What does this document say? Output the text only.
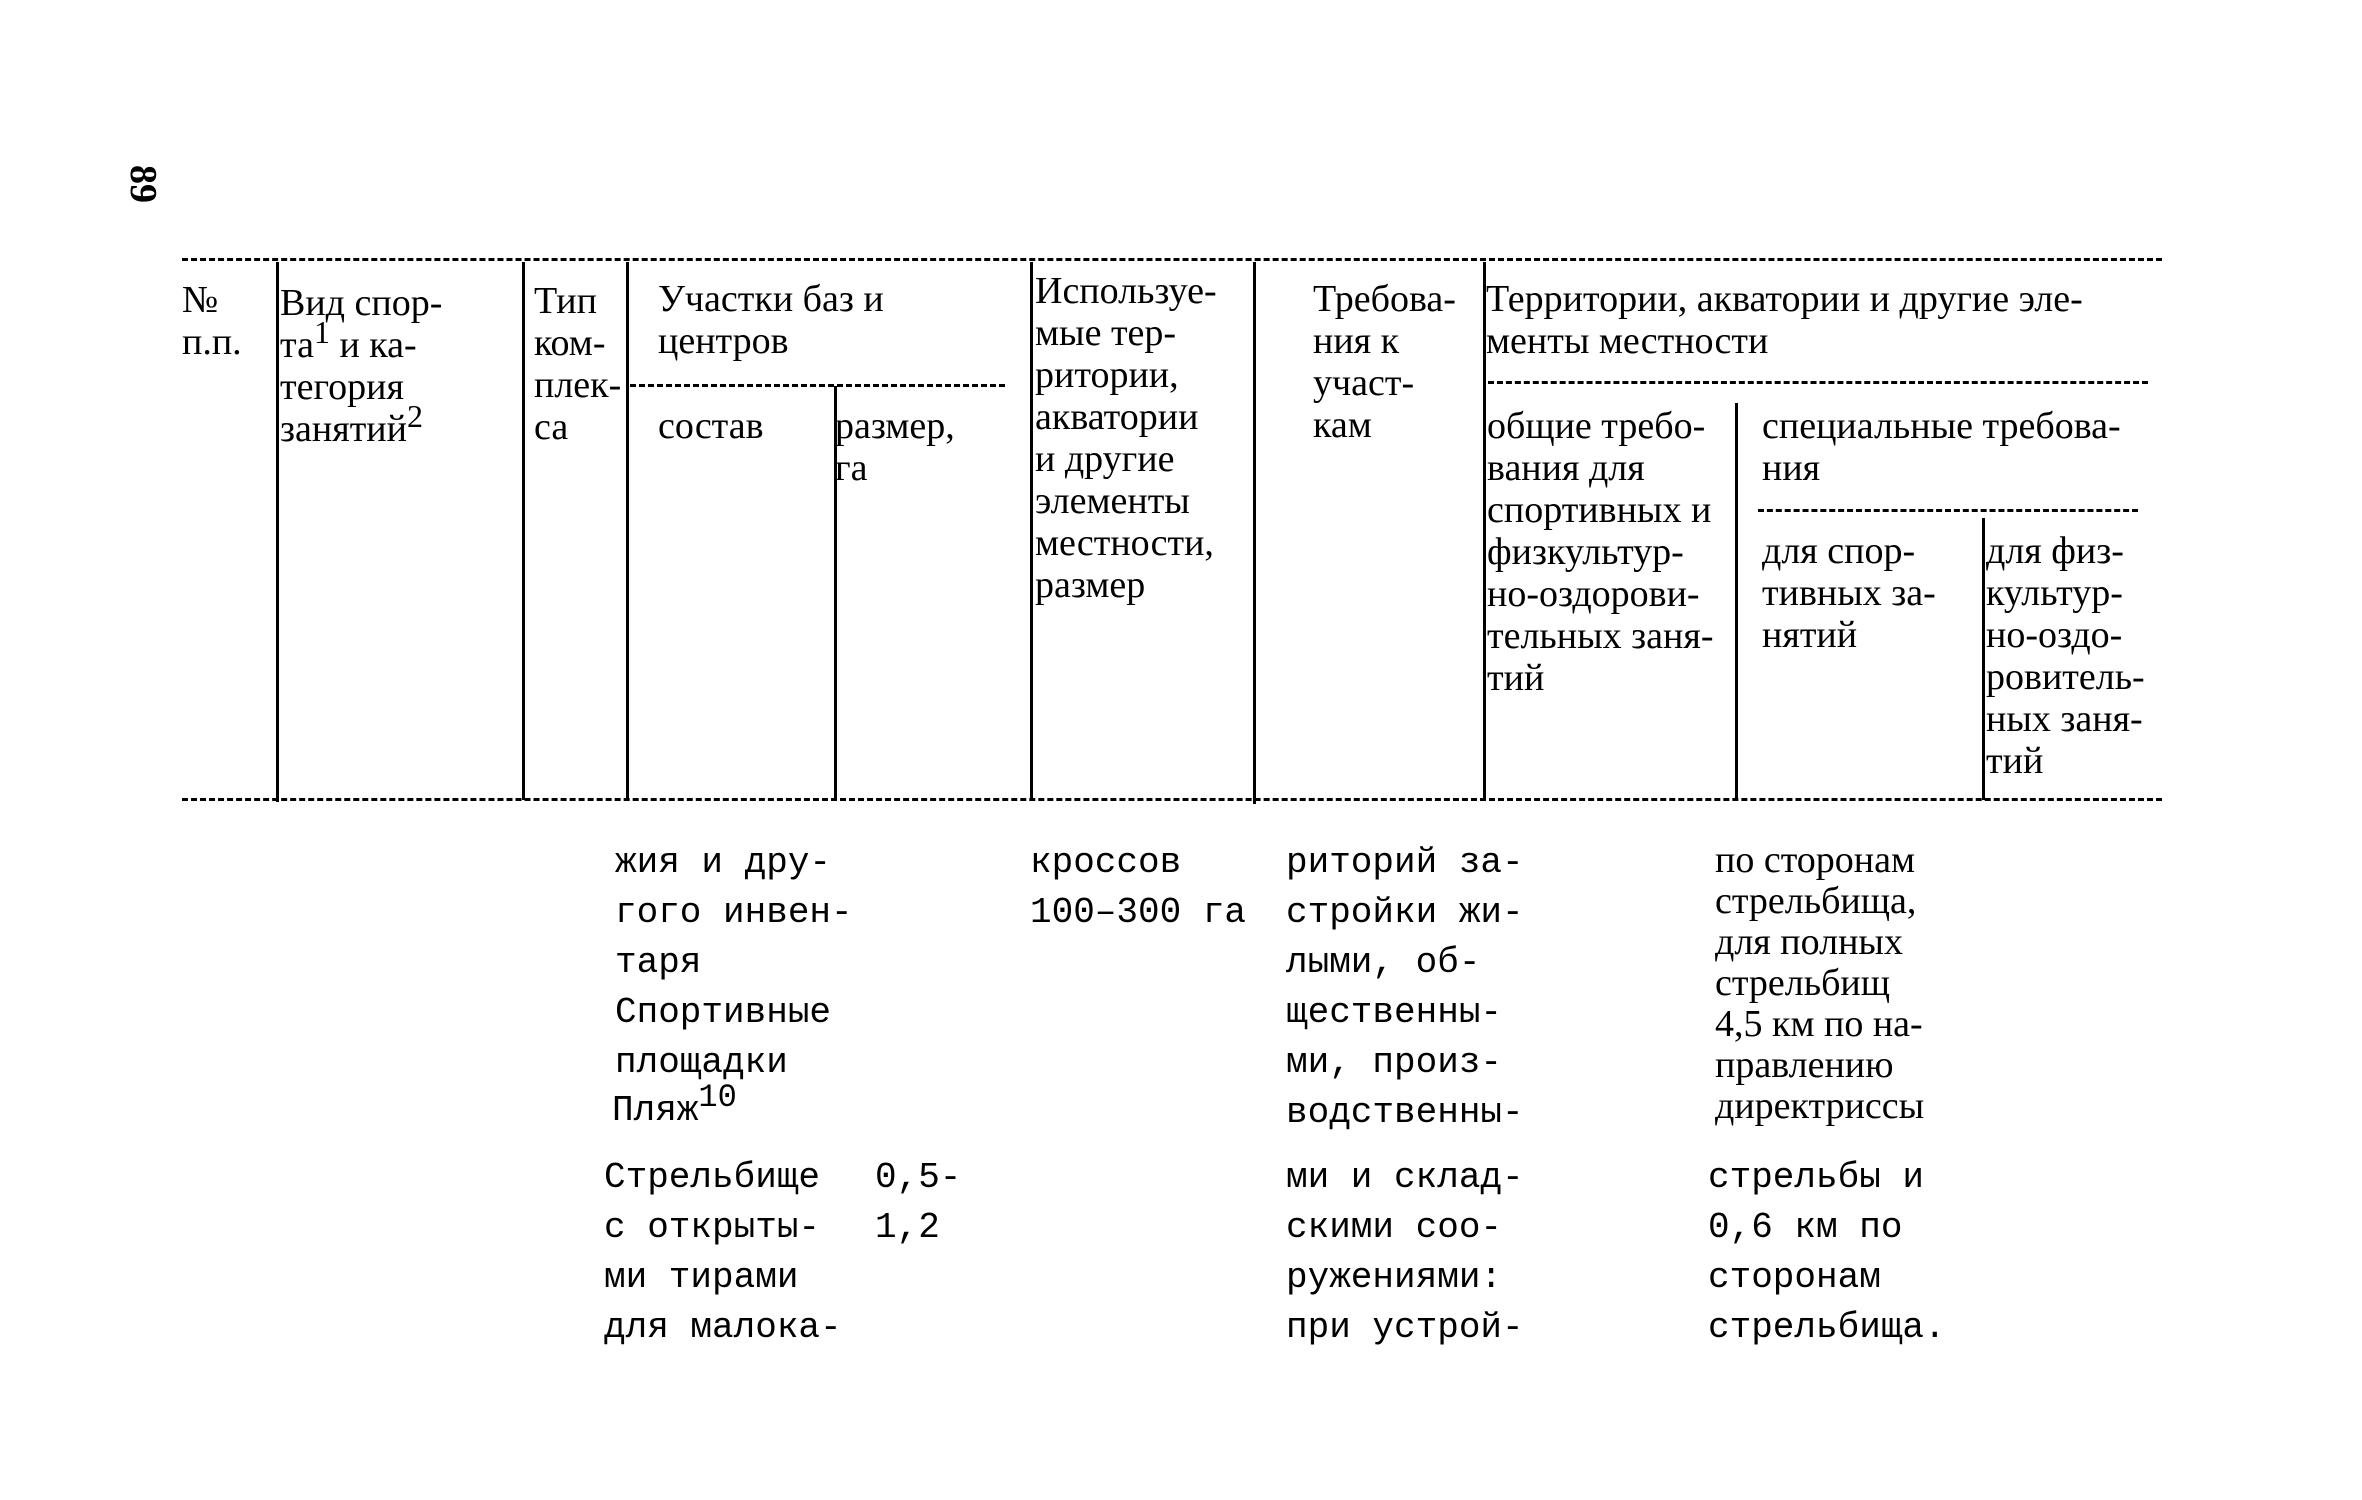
89
№
п.п.
Вид спор-
$та^1$ и ка-
тегория
занятий$^2$
Тип
ком-
плек-
са
Участки баз и
центров
состав размер,
га
Используе-
мые тер-
ритории,
акватории
и другие
элементы
местности,
размер
Требова-
ния к
участ-
кам
Территории, акватории и другие эле-
менты местности
общие требо-
вания для
спортивных и
физкультур-
но-оздорови-
тельных заня-
тий
специальные требова-
ния
для спор-
тивных за-
нятий
для физ-
культур-
но-оздо-
ровитель-
ных заня-
тий
жия и дру-
гого инвен-
таря
Спортивные
площадки
Пляж$^{10}$
Стрельбище
с открыты-
ми тирами
для малока-
0,5-
1,2
кроссов
100–300 га
риторий за-
стройки жи-
лыми, об-
щественны-
ми, произ-
водственны-
ми и склад-
скими соо-
ружениями:
при устрой-
по сторонам
стрельбища,
для полных
стрельбищ
4,5 км по на-
правлению
директриссы
стрельбы и
0,6 км по
сторонам
стрельбища.
